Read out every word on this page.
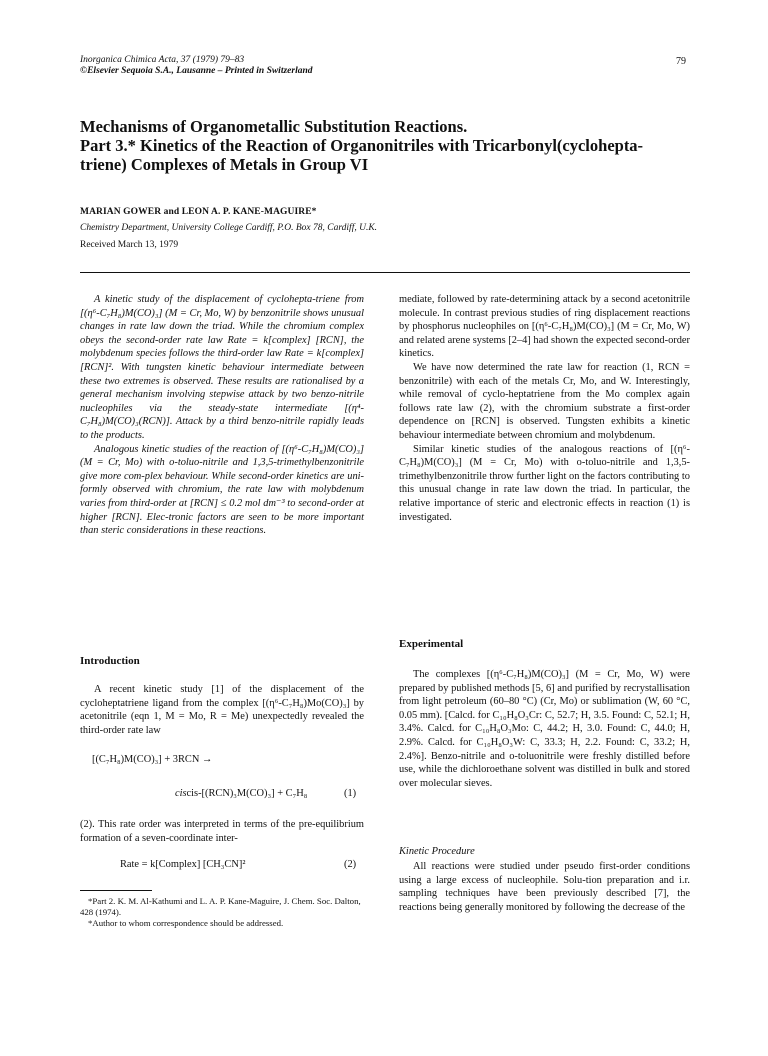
Inorganica Chimica Acta, 37 (1979) 79–83
©Elsevier Sequoia S.A., Lausanne – Printed in Switzerland
79
Mechanisms of Organometallic Substitution Reactions.
Part 3.* Kinetics of the Reaction of Organonitriles with Tricarbonyl(cyclohepta-
triene) Complexes of Metals in Group VI
MARIAN GOWER and LEON A. P. KANE-MAGUIRE*
Chemistry Department, University College Cardiff, P.O. Box 78, Cardiff, U.K.
Received March 13, 1979

A kinetic study of the displacement of cyclohepta-triene from [(η⁶-C₇H₈)M(CO)₃] (M = Cr, Mo, W) by benzonitrile shows unusual changes in rate law down the triad. While the chromium complex obeys the second-order rate law Rate = k[complex] [RCN], the molybdenum species follows the third-order law Rate = k[complex] [RCN]². With tungsten kinetic behaviour intermediate between these two extremes is observed. These results are rationalised by a general mechanism involving stepwise attack by two benzo-nitrile nucleophiles via the steady-state intermediate [(η⁴-C₇H₈)M(CO)₃(RCN)]. Attack by a third benzo-nitrile rapidly leads to the products.

Analogous kinetic studies of the reaction of [(η⁶-C₇H₈)M(CO)₃] (M = Cr, Mo) with o-toluo-nitrile and 1,3,5-trimethylbenzonitrile give more com-plex behaviour. While second-order kinetics are uni-formly observed with chromium, the rate law with molybdenum varies from third-order at [RCN] ≤ 0.2 mol dm⁻³ to second-order at higher [RCN]. Elec-tronic factors are seen to be more important than steric considerations in these reactions.

Introduction

A recent kinetic study [1] of the displacement of the cycloheptatriene ligand from the complex [(η⁶-C₇H₈)Mo(CO)₃] by acetonitrile (eqn 1, M = Mo, R = Me) unexpectedly revealed the third-order rate law

[(C₇H₈)M(CO)₃] + 3RCN →
ciscis-[(RCN)₃M(CO)₃] + C₇H₈	(1)

(2). This rate order was interpreted in terms of the pre-equilibrium formation of a seven-coordinate inter-

Rate = k[Complex] [CH₃CN]²	(2)
*Part 2. K. M. Al-Kathumi and L. A. P. Kane-Maguire, J. Chem. Soc. Dalton, 428 (1974).
*Author to whom correspondence should be addressed.

mediate, followed by rate-determining attack by a second acetonitrile molecule. In contrast previous studies of ring displacement reactions by phosphorus nucleophiles on [(η⁶-C₇H₈)M(CO)₃] (M = Cr, Mo, W) and related arene systems [2–4] had shown the expected second-order kinetics.

We have now determined the rate law for reaction (1, RCN = benzonitrile) with each of the metals Cr, Mo, and W. Interestingly, while removal of cyclo-heptatriene from the Mo complex again follows rate law (2), with the chromium substrate a first-order dependence on [RCN] is observed. Tungsten exhibits a kinetic behaviour intermediate between chromium and molybdenum.

Similar kinetic studies of the analogous reactions of [(η⁶-C₇H₈)M(CO)₃] (M = Cr, Mo) with o-toluo-nitrile and 1,3,5-trimethylbenzonitrile throw further light on the factors contributing to this unusual change in rate law down the triad. In particular, the relative importance of steric and electronic effects in reaction (1) is investigated.

Experimental

The complexes [(η⁶-C₇H₈)M(CO)₃] (M = Cr, Mo, W) were prepared by published methods [5, 6] and purified by recrystallisation from light petroleum (60–80 °C) (Cr, Mo) or sublimation (W, 60 °C, 0.05 mm). [Calcd. for C₁₀H₈O₃Cr: C, 52.7; H, 3.5. Found: C, 52.1; H, 3.4%. Calcd. for C₁₀H₈O₃Mo: C, 44.2; H, 3.0. Found: C, 44.0; H, 2.9%. Calcd. for C₁₀H₈O₃W: C, 33.3; H, 2.2. Found: C, 33.2; H, 2.4%]. Benzo-nitrile and o-toluonitrile were freshly distilled before use, while the dichloroethane solvent was distilled in bulk and stored over molecular sieves.

Kinetic Procedure

All reactions were studied under pseudo first-order conditions using a large excess of nucleophile. Solu-tion preparation and i.r. sampling techniques have been previously described [7], the reactions being generally monitored by following the decrease of the
